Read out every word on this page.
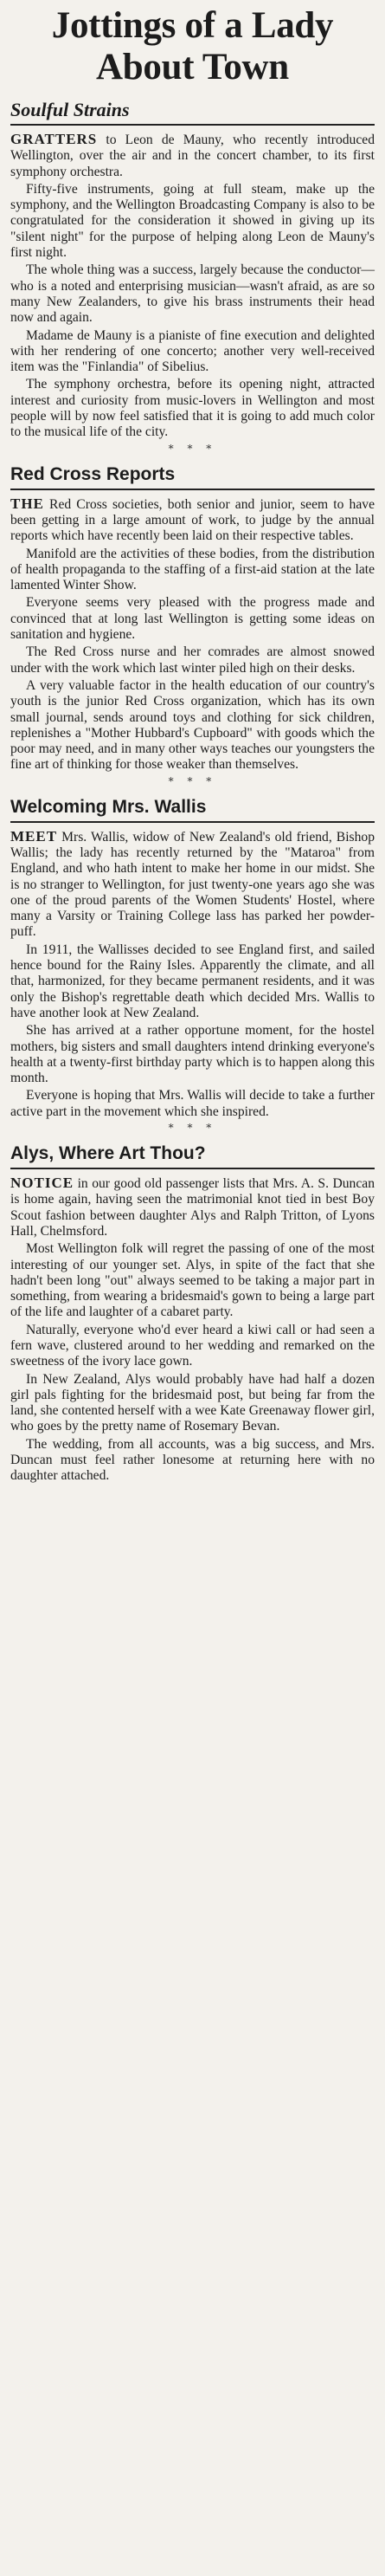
Jottings of a Lady
About Town
Soulful Strains

GRATTERS to Leon de Mauny, who recently introduced Wellington, over the air and in the concert chamber, to its first symphony orchestra.

Fifty-five instruments, going at full steam, make up the symphony, and the Wellington Broadcasting Company is also to be congratulated for the consideration it showed in giving up its "silent night" for the purpose of helping along Leon de Mauny's first night.

The whole thing was a success, largely because the conductor—who is a noted and enterprising musician—wasn't afraid, as are so many New Zealanders, to give his brass instruments their head now and again.

Madame de Mauny is a pianiste of fine execution and delighted with her rendering of one concerto; another very well-received item was the "Finlandia" of Sibelius.

The symphony orchestra, before its opening night, attracted interest and curiosity from music-lovers in Wellington and most people will by now feel satisfied that it is going to add much color to the musical life of the city.

* * *
Red Cross Reports

THE Red Cross societies, both senior and junior, seem to have been getting in a large amount of work, to judge by the annual reports which have recently been laid on their respective tables.

Manifold are the activities of these bodies, from the distribution of health propaganda to the staffing of a first-aid station at the late lamented Winter Show.

Everyone seems very pleased with the progress made and convinced that at long last Wellington is getting some ideas on sanitation and hygiene.

The Red Cross nurse and her comrades are almost snowed under with the work which last winter piled high on their desks.

A very valuable factor in the health education of our country's youth is the junior Red Cross organization, which has its own small journal, sends around toys and clothing for sick children, replenishes a "Mother Hubbard's Cupboard" with goods which the poor may need, and in many other ways teaches our youngsters the fine art of thinking for those weaker than themselves.

* * *
Welcoming Mrs. Wallis

MEET Mrs. Wallis, widow of New Zealand's old friend, Bishop Wallis; the lady has recently returned by the "Mataroa" from England, and who hath intent to make her home in our midst. She is no stranger to Wellington, for just twenty-one years ago she was one of the proud parents of the Women Students' Hostel, where many a Varsity or Training College lass has parked her powder-puff.

In 1911, the Wallisses decided to see England first, and sailed hence bound for the Rainy Isles. Apparently the climate, and all that, harmonized, for they became permanent residents, and it was only the Bishop's regrettable death which decided Mrs. Wallis to have another look at New Zealand.

She has arrived at a rather opportune moment, for the hostel mothers, big sisters and small daughters intend drinking everyone's health at a twenty-first birthday party which is to happen along this month.

Everyone is hoping that Mrs. Wallis will decide to take a further active part in the movement which she inspired.

* * *
Alys, Where Art Thou?

NOTICE in our good old passenger lists that Mrs. A. S. Duncan is home again, having seen the matrimonial knot tied in best Boy Scout fashion between daughter Alys and Ralph Tritton, of Lyons Hall, Chelmsford.

Most Wellington folk will regret the passing of one of the most interesting of our younger set. Alys, in spite of the fact that she hadn't been long "out" always seemed to be taking a major part in something, from wearing a bridesmaid's gown to being a large part of the life and laughter of a cabaret party.

Naturally, everyone who'd ever heard a kiwi call or had seen a fern wave, clustered around to her wedding and remarked on the sweetness of the ivory lace gown.

In New Zealand, Alys would probably have had half a dozen girl pals fighting for the bridesmaid post, but being far from the land, she contented herself with a wee Kate Greenaway flower girl, who goes by the pretty name of Rosemary Bevan.

The wedding, from all accounts, was a big success, and Mrs. Duncan must feel rather lonesome at returning here with no daughter attached.
